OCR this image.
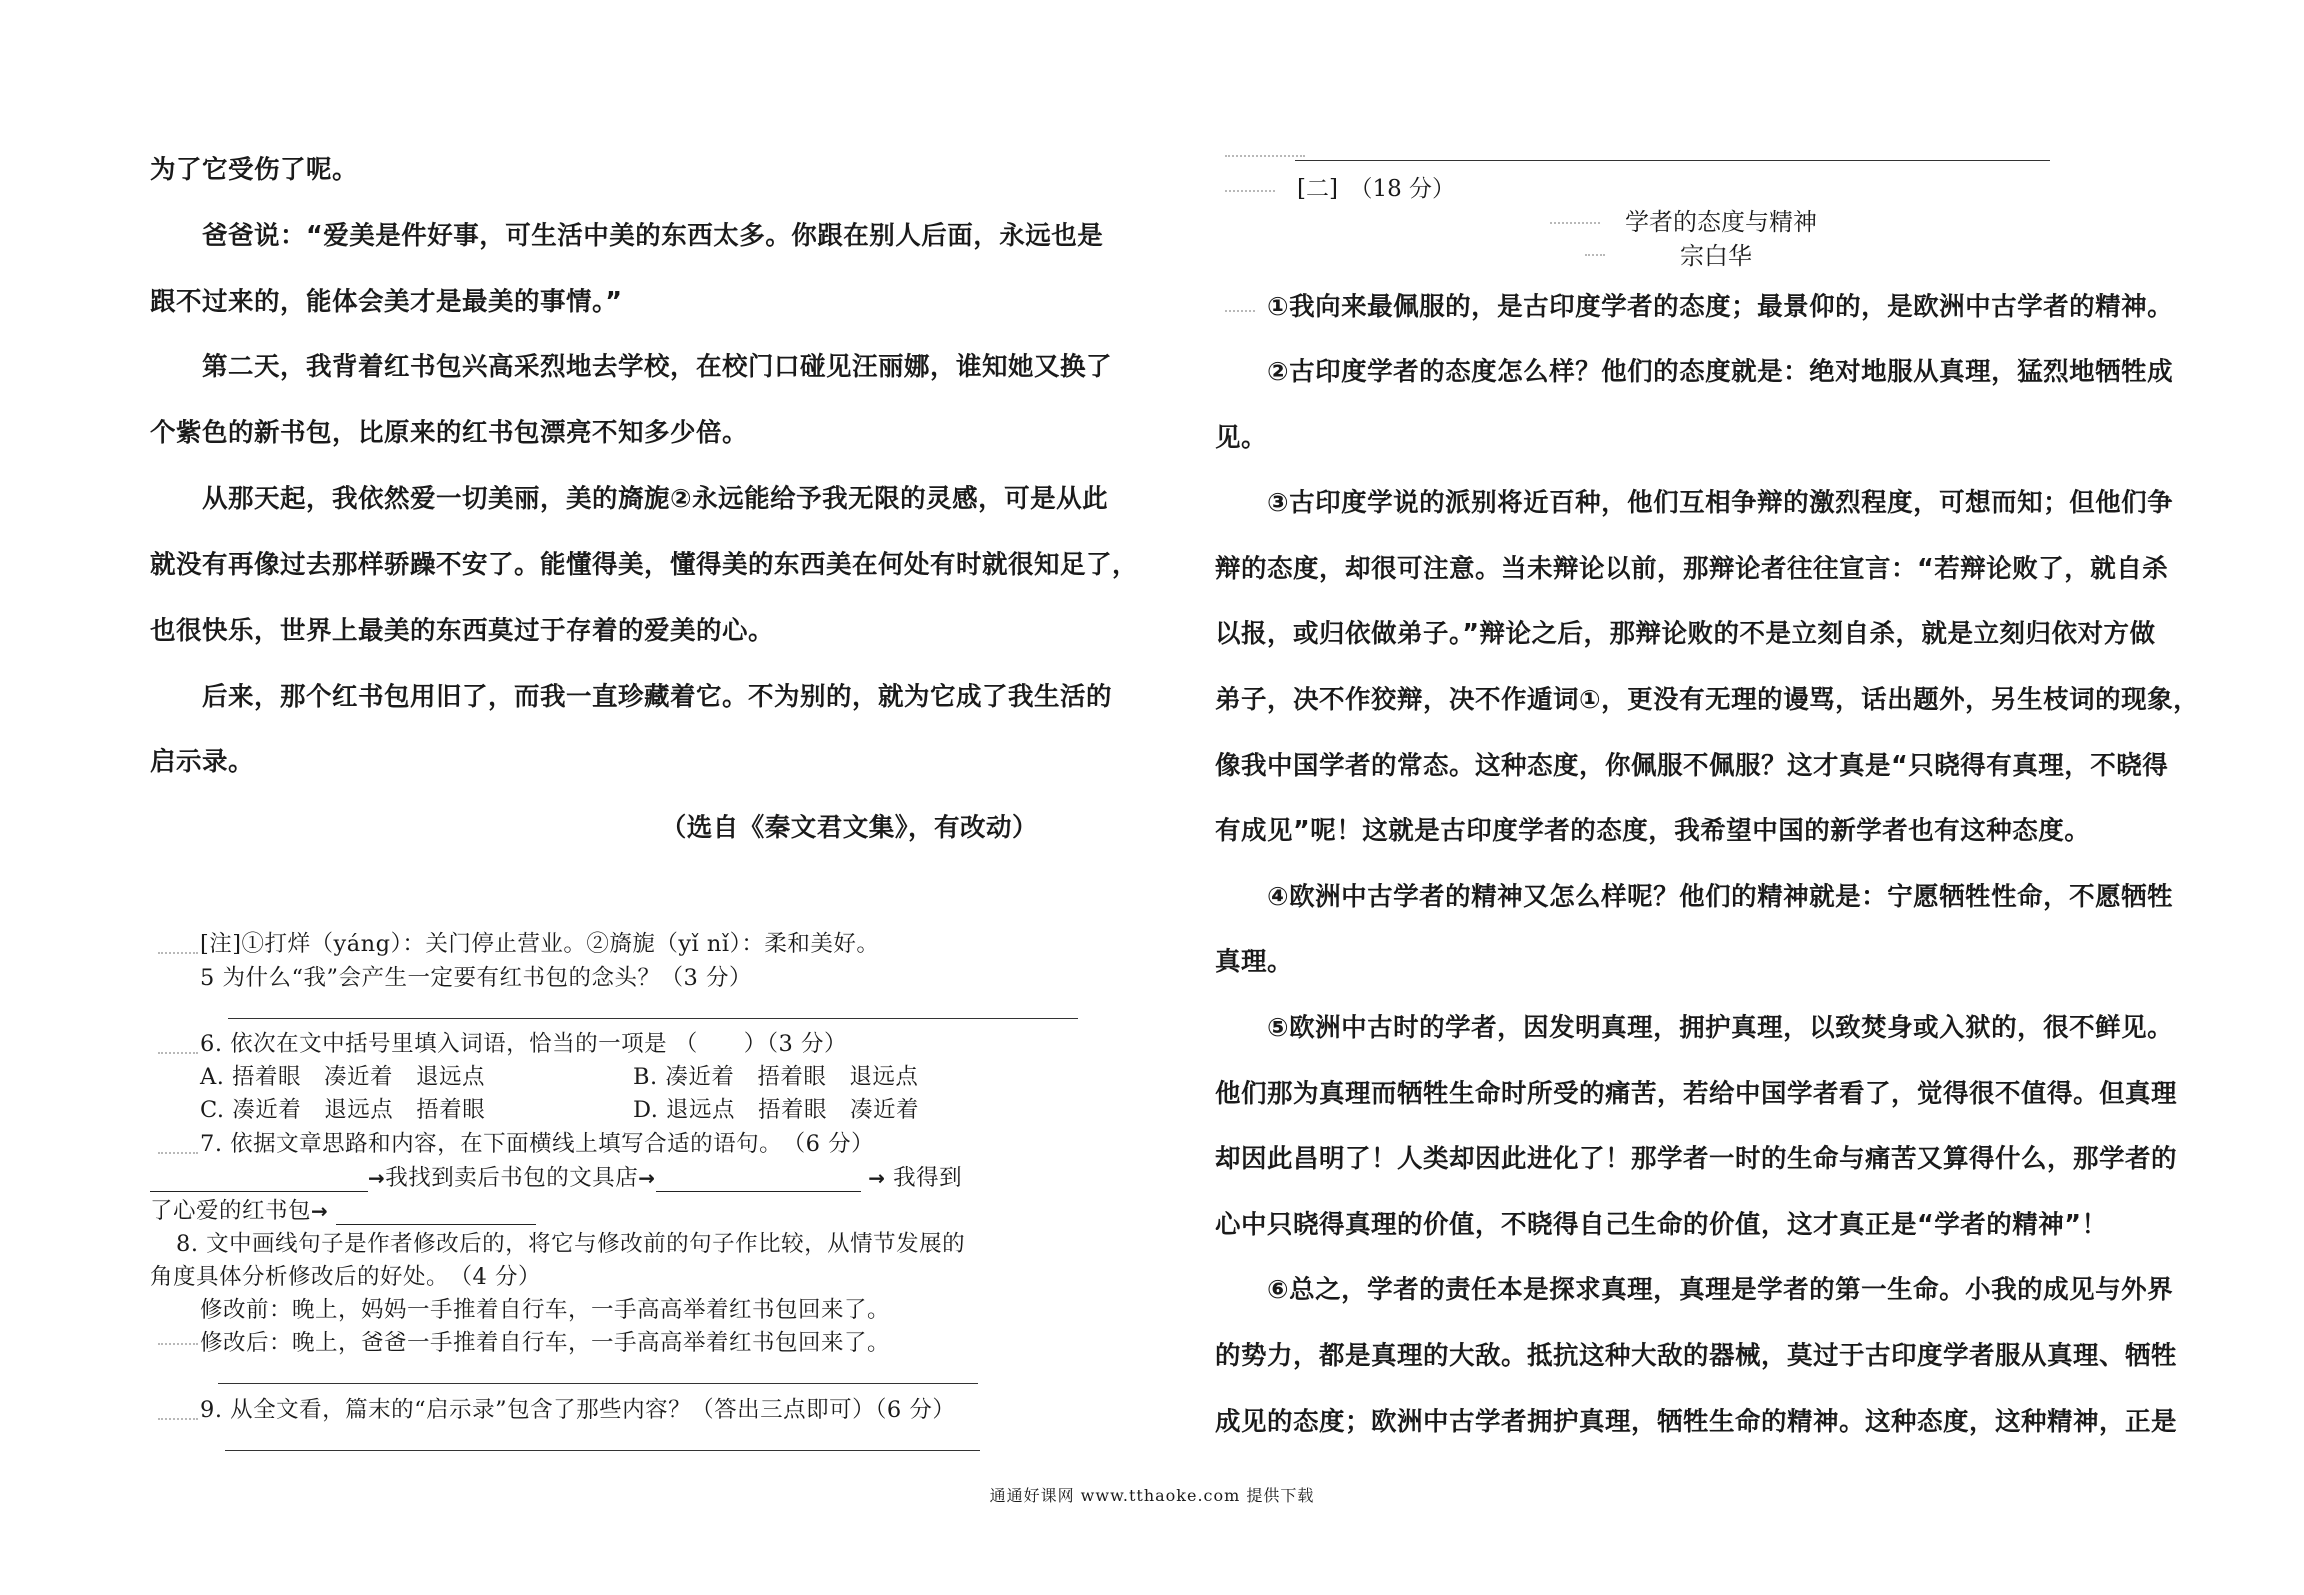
为了它受伤了呢。
　　爸爸说：“爱美是件好事，可生活中美的东西太多。你跟在别人后面，永远也是
跟不过来的，能体会美才是最美的事情。”
　　第二天，我背着红书包兴高采烈地去学校，在校门口碰见汪丽娜，谁知她又换了
个紫色的新书包，比原来的红书包漂亮不知多少倍。
　　从那天起，我依然爱一切美丽，美的旖旎②永远能给予我无限的灵感，可是从此
就没有再像过去那样骄躁不安了。能懂得美，懂得美的东西美在何处有时就很知足了，
也很快乐，世界上最美的东西莫过于存着的爱美的心。
　　后来，那个红书包用旧了，而我一直珍藏着它。不为别的，就为它成了我生活的
启示录。
（选自《秦文君文集》，有改动）
[注]①打烊（yáng）：关门停止营业。②旖旎（yǐ nǐ）：柔和美好。
5 为什么“我”会产生一定要有红书包的念头？（3 分）
6. 依次在文中括号里填入词语，恰当的一项是 （　　）（3 分）
A. 捂着眼　凑近着　退远点	B. 凑近着　捂着眼　退远点
C. 凑近着　退远点　捂着眼	D. 退远点　捂着眼　凑近着
7. 依据文章思路和内容，在下面横线上填写合适的语句。　（6 分）
→我找到卖后书包的文具店→	→ 我得到
了心爱的红书包→
8. 文中画线句子是作者修改后的，将它与修改前的句子作比较，从情节发展的
角度具体分析修改后的好处。　（4 分）
修改前：晚上，妈妈一手推着自行车，一手高高举着红书包回来了。
修改后：晚上，爸爸一手推着自行车，一手高高举着红书包回来了。
9. 从全文看，篇末的“启示录”包含了那些内容？（答出三点即可）（6 分）
[二]　（18 分）
学者的态度与精神
宗白华
①我向来最佩服的，是古印度学者的态度；最景仰的，是欧洲中古学者的精神。
　　②古印度学者的态度怎么样？他们的态度就是：绝对地服从真理，猛烈地牺牲成
见。
　　③古印度学说的派别将近百种，他们互相争辩的激烈程度，可想而知；但他们争
辩的态度，却很可注意。当未辩论以前，那辩论者往往宣言：“若辩论败了，就自杀
以报，或归依做弟子。”辩论之后，那辩论败的不是立刻自杀，就是立刻归依对方做
弟子，决不作狡辩，决不作遁词①，更没有无理的谩骂，话出题外，另生枝词的现象，
像我中国学者的常态。这种态度，你佩服不佩服？这才真是“只晓得有真理，不晓得
有成见”呢！这就是古印度学者的态度，我希望中国的新学者也有这种态度。
　　④欧洲中古学者的精神又怎么样呢？他们的精神就是：宁愿牺牲性命，不愿牺牲
真理。
　　⑤欧洲中古时的学者，因发明真理，拥护真理，以致焚身或入狱的，很不鲜见。
他们那为真理而牺牲生命时所受的痛苦，若给中国学者看了，觉得很不值得。但真理
却因此昌明了！人类却因此进化了！那学者一时的生命与痛苦又算得什么，那学者的
心中只晓得真理的价值，不晓得自己生命的价值，这才真正是“学者的精神”！
　　⑥总之，学者的责任本是探求真理，真理是学者的第一生命。小我的成见与外界
的势力，都是真理的大敌。抵抗这种大敌的器械，莫过于古印度学者服从真理、牺牲
成见的态度；欧洲中古学者拥护真理，牺牲生命的精神。这种态度，这种精神，正是
通通好课网 www.tthaoke.com 提供下载
